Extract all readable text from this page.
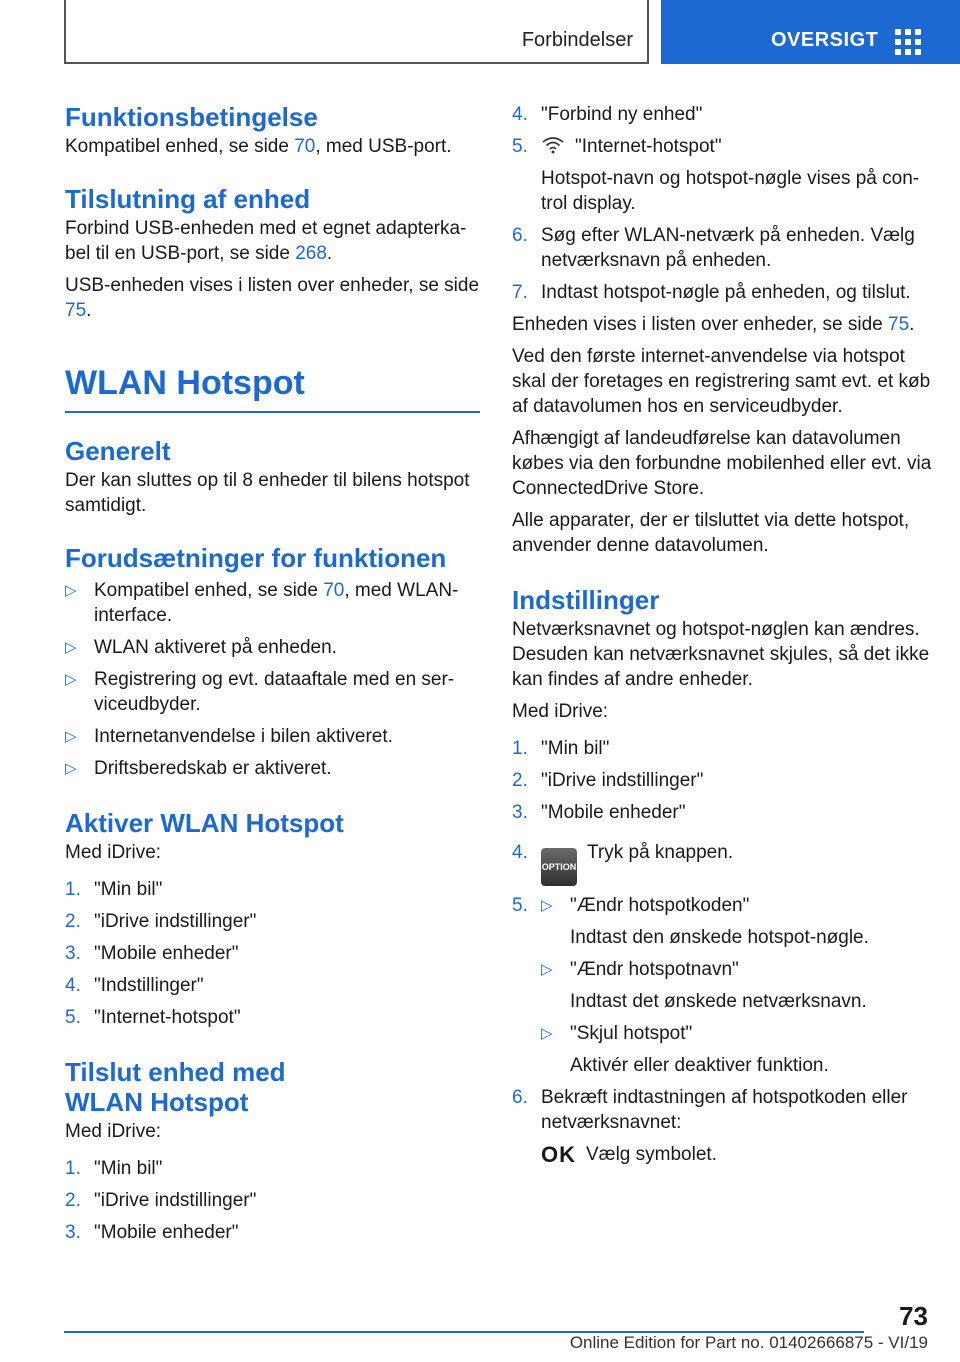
Forbindelser	OVERSIGT
Funktionsbetingelse

Kompatibel enhed, se side 70, med USB-port.

Tilslutning af enhed

Forbind USB-enheden med et egnet adapterka-bel til en USB-port, se side 268.

USB-enheden vises i listen over enheder, se side 75.

WLAN Hotspot
Generelt

Der kan sluttes op til 8 enheder til bilens hotspot samtidigt.

Forudsætninger for funktionen
▷ Kompatibel enhed, se side 70, med WLAN-interface.
▷ WLAN aktiveret på enheden.
▷ Registrering og evt. dataaftale med en ser-viceudbyder.
▷ Internetanvendelse i bilen aktiveret.
▷ Driftsberedskab er aktiveret.
Aktiver WLAN Hotspot

Med iDrive:

1. "Min bil"
2. "iDrive indstillinger"
3. "Mobile enheder"
4. "Indstillinger"
5. "Internet-hotspot"
Tilslut enhed med
WLAN Hotspot

Med iDrive:

1. "Min bil"
2. "iDrive indstillinger"
3. "Mobile enheder"
4. "Forbind ny enhed"
5. "Internet-hotspot"
Hotspot-navn og hotspot-nøgle vises på con-trol display.
6. Søg efter WLAN-netværk på enheden. Vælg netværksnavn på enheden.
7. Indtast hotspot-nøgle på enheden, og tilslut.

Enheden vises i listen over enheder, se side 75.

Ved den første internet-anvendelse via hotspot skal der foretages en registrering samt evt. et køb af datavolumen hos en serviceudbyder.

Afhængigt af landeudførelse kan datavolumen købes via den forbundne mobilenhed eller evt. via ConnectedDrive Store.

Alle apparater, der er tilsluttet via dette hotspot, anvender denne datavolumen.

Indstillinger

Netværksnavnet og hotspot-nøglen kan ændres. Desuden kan netværksnavnet skjules, så det ikke kan findes af andre enheder.

Med iDrive:

1. "Min bil"
2. "iDrive indstillinger"
3. "Mobile enheder"
4.
OPTIONTryk på knappen.
5.
▷	"Ændr hotspotkoden"
Indtast den ønskede hotspot-nøgle.
▷ "Ændr hotspotnavn"
Indtast det ønskede netværksnavn.
▷ "Skjul hotspot"
Aktivér eller deaktiver funktion.
6. Bekræft indtastningen af hotspotkoden eller netværksnavnet:
OK Vælg symbolet.
73
Online Edition for Part no. 01402666875 - VI/19
